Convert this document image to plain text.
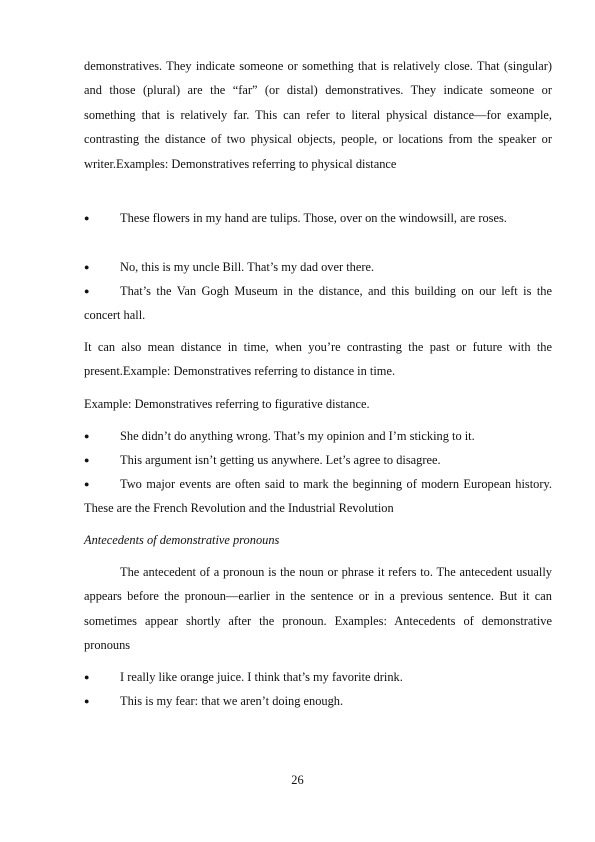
demonstratives. They indicate someone or something that is relatively close. That (singular) and those (plural) are the “far” (or distal) demonstratives. They indicate someone or something that is relatively far. This can refer to literal physical distance—for example, contrasting the distance of two physical objects, people, or locations from the speaker or writer.Examples: Demonstratives referring to physical distance

●	These flowers in my hand are tulips. Those, over on the windowsill, are roses.
●	No, this is my uncle Bill. That’s my dad over there.
●	That’s the Van Gogh Museum in the distance, and this building on our left is the concert hall.

It can also mean distance in time, when you’re contrasting the past or future with the present.Example: Demonstratives referring to distance in time.

Example: Demonstratives referring to figurative distance.

●	She didn’t do anything wrong. That’s my opinion and I’m sticking to it.
●	This argument isn’t getting us anywhere. Let’s agree to disagree.
●	Two major events are often said to mark the beginning of modern European history. These are the French Revolution and the Industrial Revolution

Antecedents of demonstrative pronouns

The antecedent of a pronoun is the noun or phrase it refers to. The antecedent usually appears before the pronoun—earlier in the sentence or in a previous sentence. But it can sometimes appear shortly after the pronoun. Examples: Antecedents of demonstrative pronouns

●	I really like orange juice. I think that’s my favorite drink.
●	This is my fear: that we aren’t doing enough.
26
